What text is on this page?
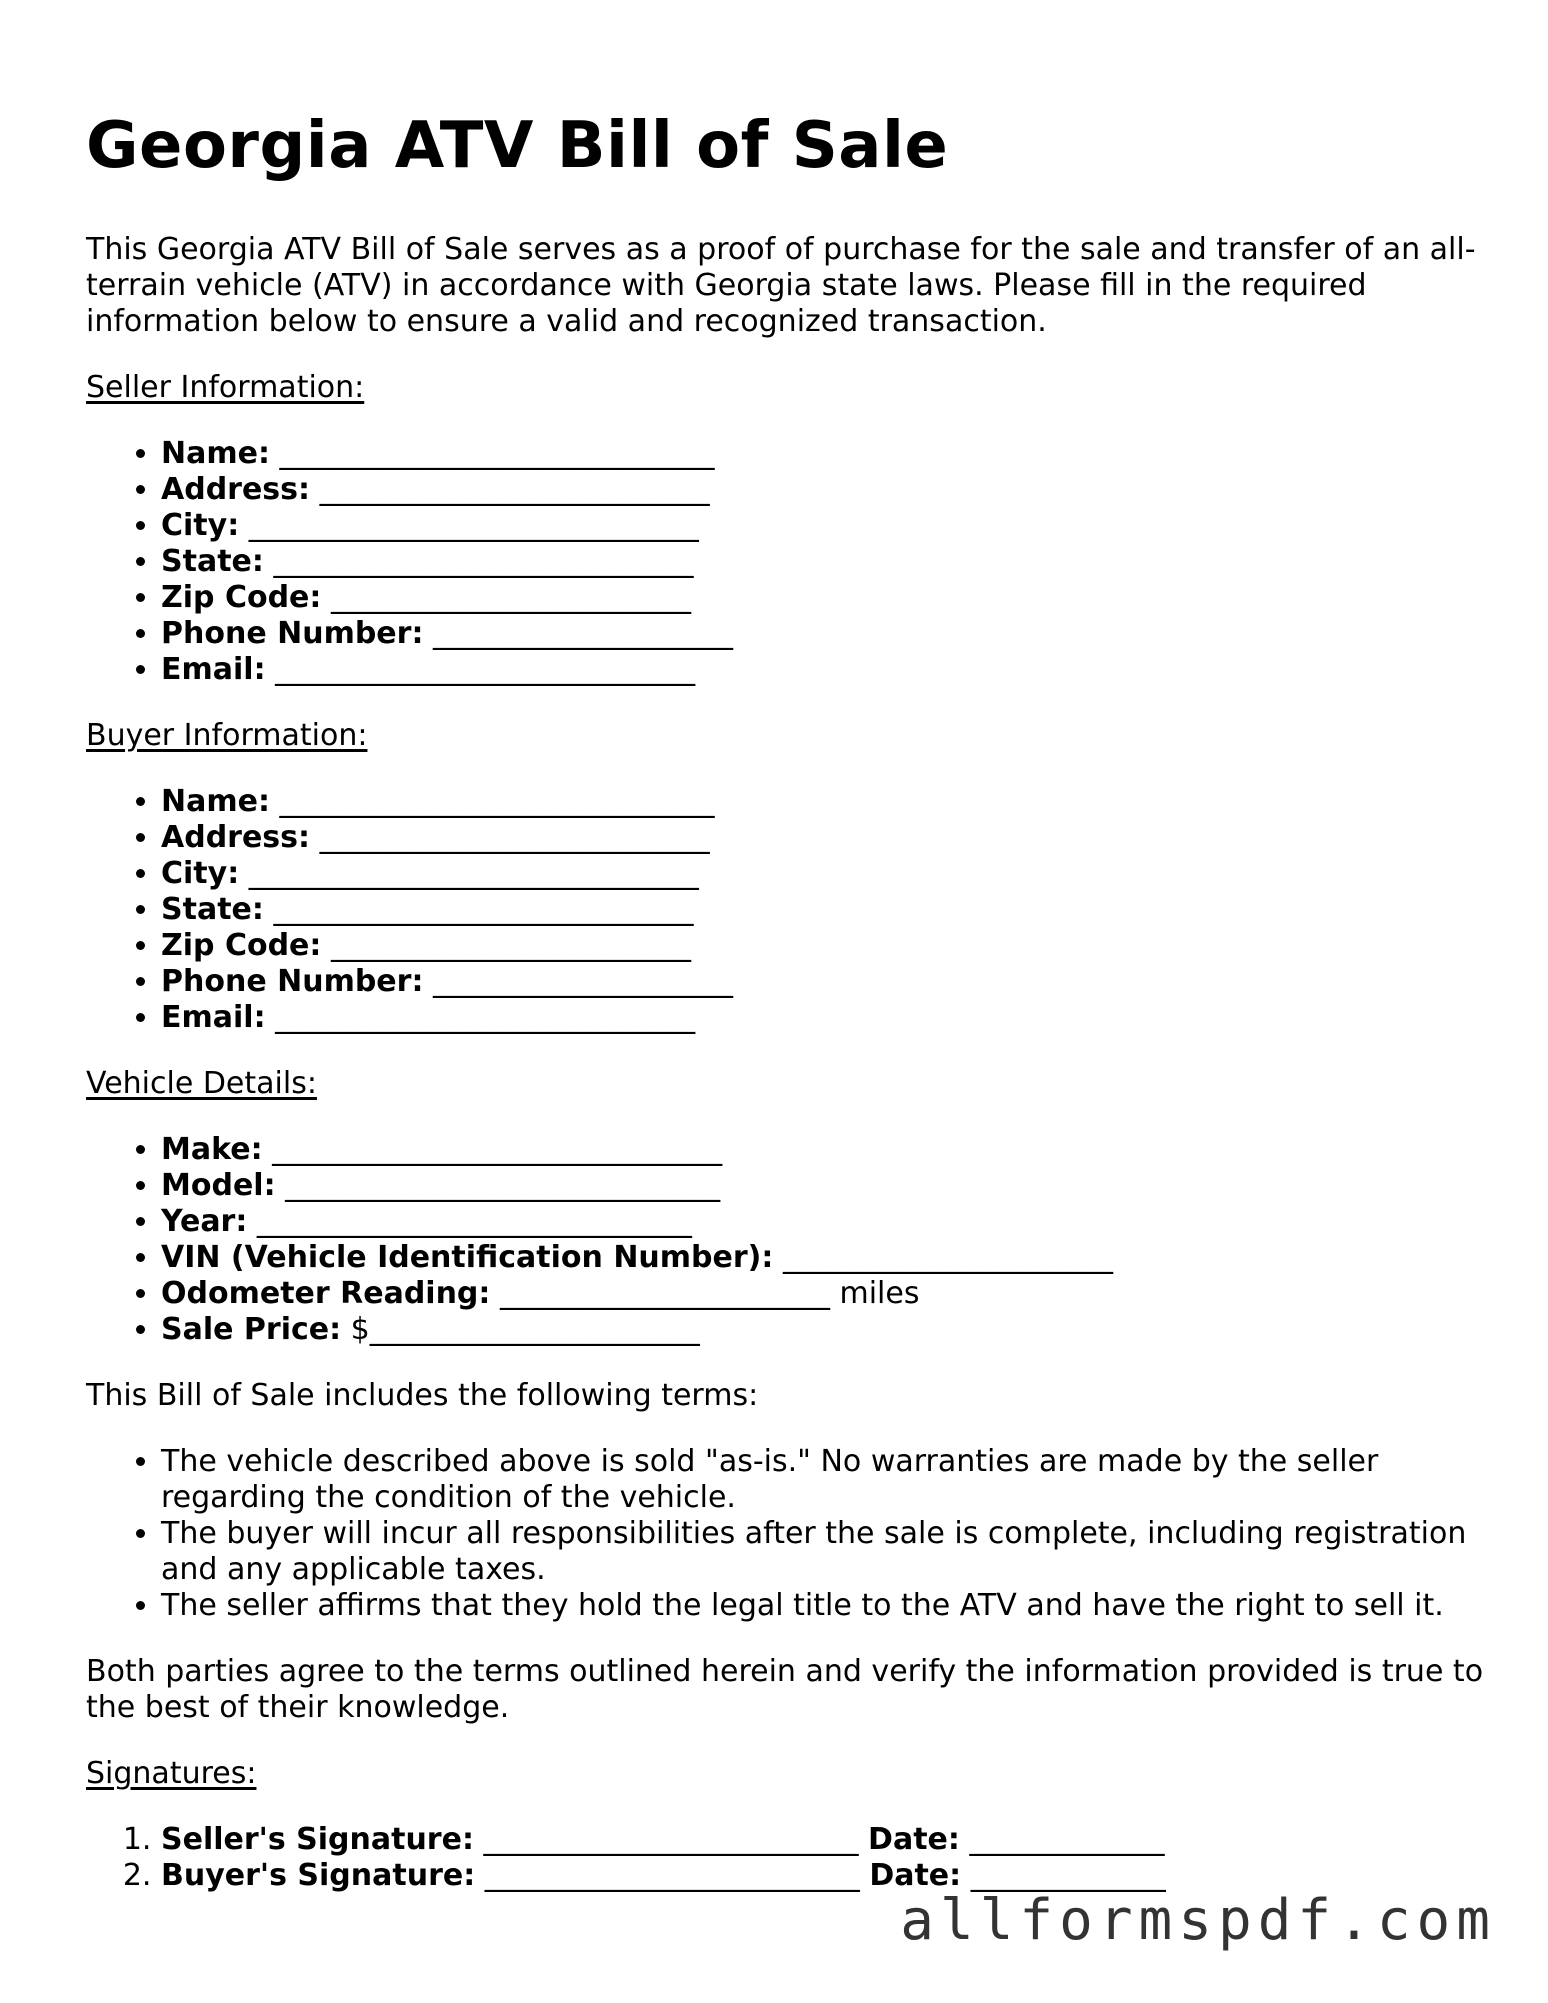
Georgia ATV Bill of Sale

This Georgia ATV Bill of Sale serves as a proof of purchase for the sale and transfer of an all-terrain vehicle (ATV) in accordance with Georgia state laws. Please fill in the required information below to ensure a valid and recognized transaction.

Seller Information:
• Name: _____________________________
• Address: __________________________
• City: ______________________________
• State: ____________________________
• Zip Code: ________________________
• Phone Number: ____________________
• Email: ____________________________
Buyer Information:
• Name: _____________________________
• Address: __________________________
• City: ______________________________
• State: ____________________________
• Zip Code: ________________________
• Phone Number: ____________________
• Email: ____________________________
Vehicle Details:
• Make: ______________________________
• Model: _____________________________
• Year: _____________________________
• VIN (Vehicle Identification Number): ______________________
• Odometer Reading: ______________________ miles
• Sale Price: $______________________

This Bill of Sale includes the following terms:

• The vehicle described above is sold "as-is." No warranties are made by the seller regarding the condition of the vehicle.
• The buyer will incur all responsibilities after the sale is complete, including registration and any applicable taxes.
• The seller affirms that they hold the legal title to the ATV and have the right to sell it.

Both parties agree to the terms outlined herein and verify the information provided is true to the best of their knowledge.

Signatures:
1. Seller's Signature: _________________________ Date: _____________
2. Buyer's Signature: _________________________ Date: _____________
allformspdf.com
